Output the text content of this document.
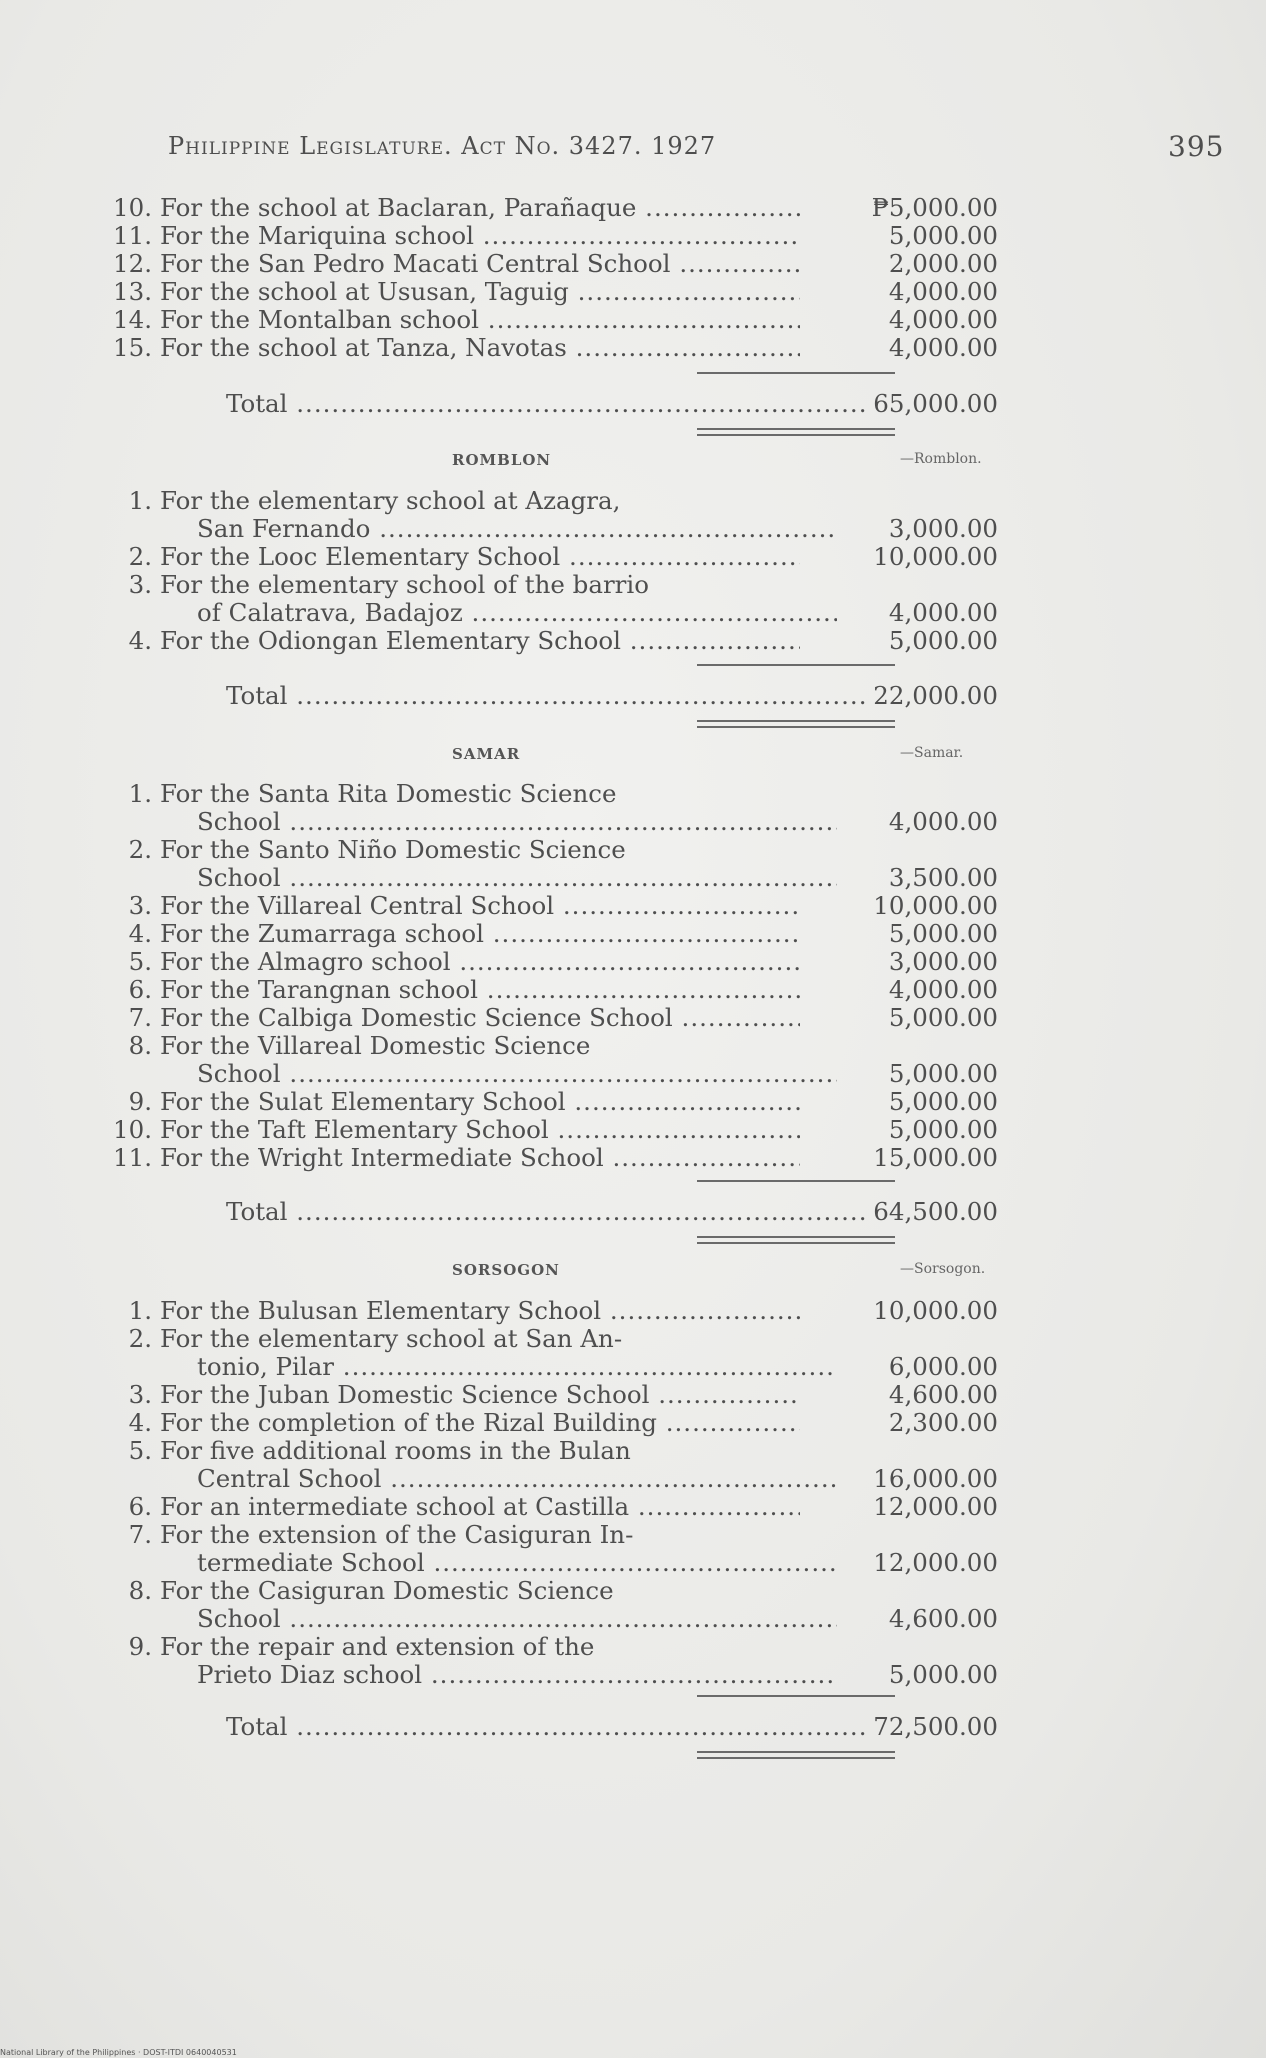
Philippine Legislature. Act No. 3427. 1927	395
10. For the school at Baclaran, Parañaque .....	₱5,000.00
11. For the Mariquina school .....	5,000.00
12. For the San Pedro Macati Central School .....	2,000.00
13. For the school at Ususan, Taguig .....	4,000.00
14. For the Montalban school .....	4,000.00
15. For the school at Tanza, Navotas .....	4,000.00
Total .....	65,000.00
ROMBLON	—Romblon.
1. For the elementary school at Azagra,
San Fernando .....	3,000.00
2. For the Looc Elementary School .....	10,000.00
3. For the elementary school of the barrio
of Calatrava, Badajoz .....	4,000.00
4. For the Odiongan Elementary School .....	5,000.00
Total .....	22,000.00
SAMAR	—Samar.
1. For the Santa Rita Domestic Science
School .....	4,000.00
2. For the Santo Niño Domestic Science
School .....	3,500.00
3. For the Villareal Central School .....	10,000.00
4. For the Zumarraga school .....	5,000.00
5. For the Almagro school .....	3,000.00
6. For the Tarangnan school .....	4,000.00
7. For the Calbiga Domestic Science School .....	5,000.00
8. For the Villareal Domestic Science
School .....	5,000.00
9. For the Sulat Elementary School .....	5,000.00
10. For the Taft Elementary School .....	5,000.00
11. For the Wright Intermediate School .....	15,000.00
Total .....	64,500.00
SORSOGON	—Sorsogon.
1. For the Bulusan Elementary School .....	10,000.00
2. For the elementary school at San An-
tonio, Pilar .....	6,000.00
3. For the Juban Domestic Science School .....	4,600.00
4. For the completion of the Rizal Building .....	2,300.00
5. For five additional rooms in the Bulan
Central School .....	16,000.00
6. For an intermediate school at Castilla .....	12,000.00
7. For the extension of the Casiguran In-
termediate School .....	12,000.00
8. For the Casiguran Domestic Science
School .....	4,600.00
9. For the repair and extension of the
Prieto Diaz school .....	5,000.00
Total .....	72,500.00
National Library of the Philippines · DOST-ITDI 0640040531
